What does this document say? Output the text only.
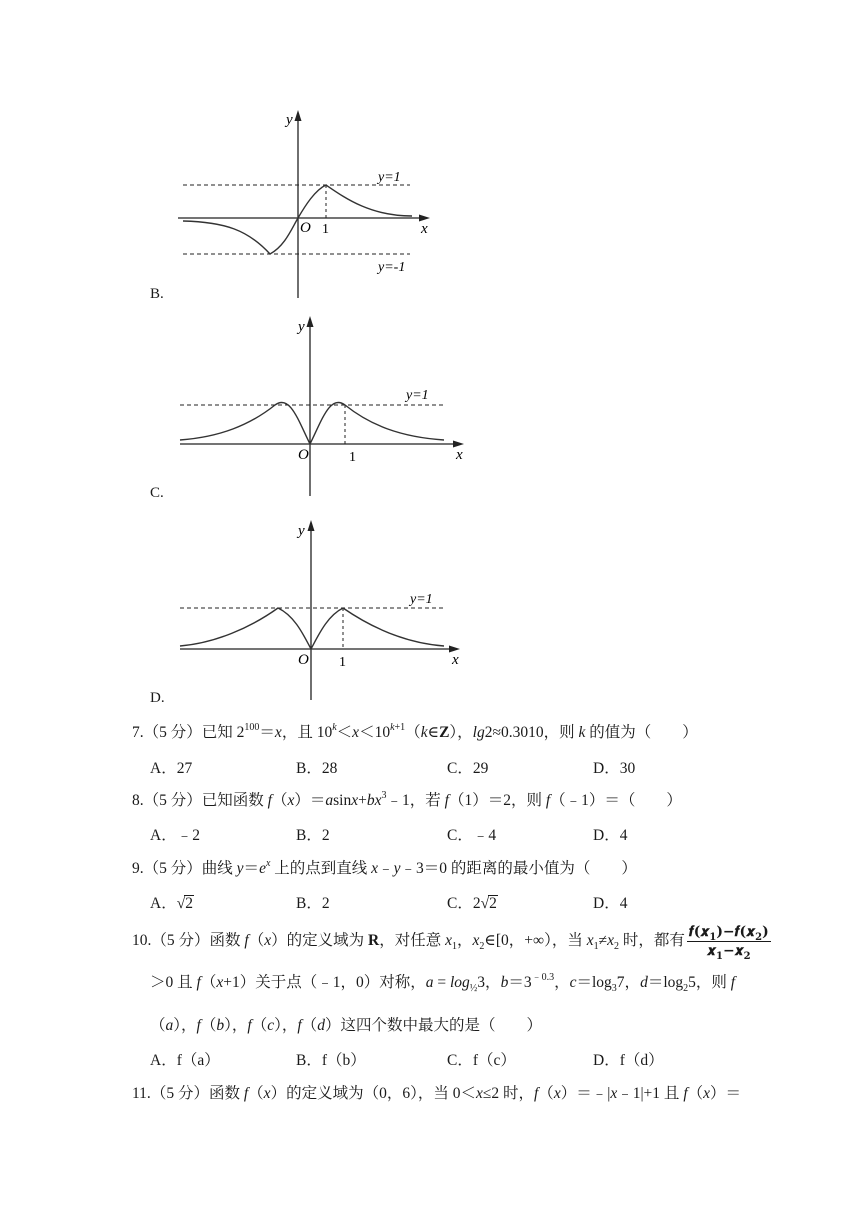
y
x
O 1
y=1
y=-1
B.
y
x
O	1
y=1
C.
y
x
O 1
y=1
D.
7.（5 分）已知 $2^{100}=x$，且 $10^k<x<10^{k+1}(k\in Z)$，lg2≈0.3010，则 k 的值为（　　）
A．27	B．28	C．29	D．30
8.（5 分）已知函数 $f(x)=asinx+bx^3﹣1$，若 f（1）＝2，则 f（﹣1）＝（　　）
A．﹣2	B．2	C．﹣4	D．4
9.（5 分）曲线 $y=e^x$ 上的点到直线 x﹣y﹣3＝0 的距离的最小值为（　　）
A．√2	B．2	C．2√2	D．4
10.（5 分）函数 f（x）的定义域为 R，对任意 $x_1$，$x_2\in[0$，+∞），当 $x_1\ne x_2$ 时，都有 $\frac{𝒇(𝒙_1)-𝒇(𝒙_2)}{𝒙_1-𝒙_2}$
＞0 且 f（x+1）关于点（﹣1，0）对称，$a = \log_{\frac{1}{2}}3$，$b=3^{﹣0.3}$，$c=\log_37$，$d=\log_25$，则 f
（a），f（b），f（c），f（d）这四个数中最大的是（　　）
A．f（a）	B．f（b）	C．f（c）	D．f（d）
11.（5 分）函数 f（x）的定义域为（0，6），当 0＜x≤2 时，f（x）＝﹣|x﹣1|+1 且 f（x）＝
